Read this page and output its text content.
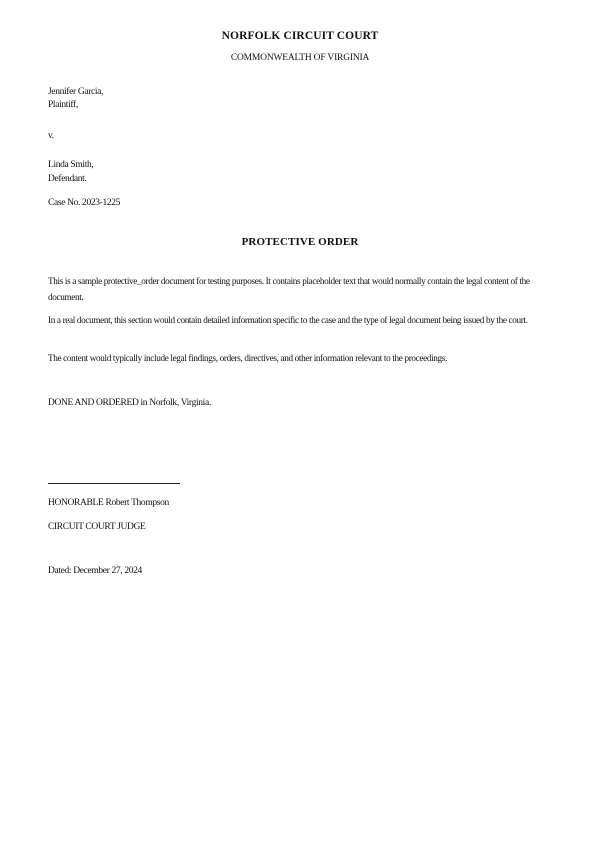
NORFOLK CIRCUIT COURT
COMMONWEALTH OF VIRGINIA
Jennifer Garcia,
Plaintiff,
v.
Linda Smith,
Defendant.
Case No. 2023-1225
PROTECTIVE ORDER
This is a sample protective_order document for testing purposes. It contains placeholder text that would normally contain the legal content of the document.
In a real document, this section would contain detailed information specific to the case and the type of legal document being issued by the court.
The content would typically include legal findings, orders, directives, and other information relevant to the proceedings.
DONE AND ORDERED in Norfolk, Virginia.
HONORABLE Robert Thompson
CIRCUIT COURT JUDGE
Dated: December 27, 2024
